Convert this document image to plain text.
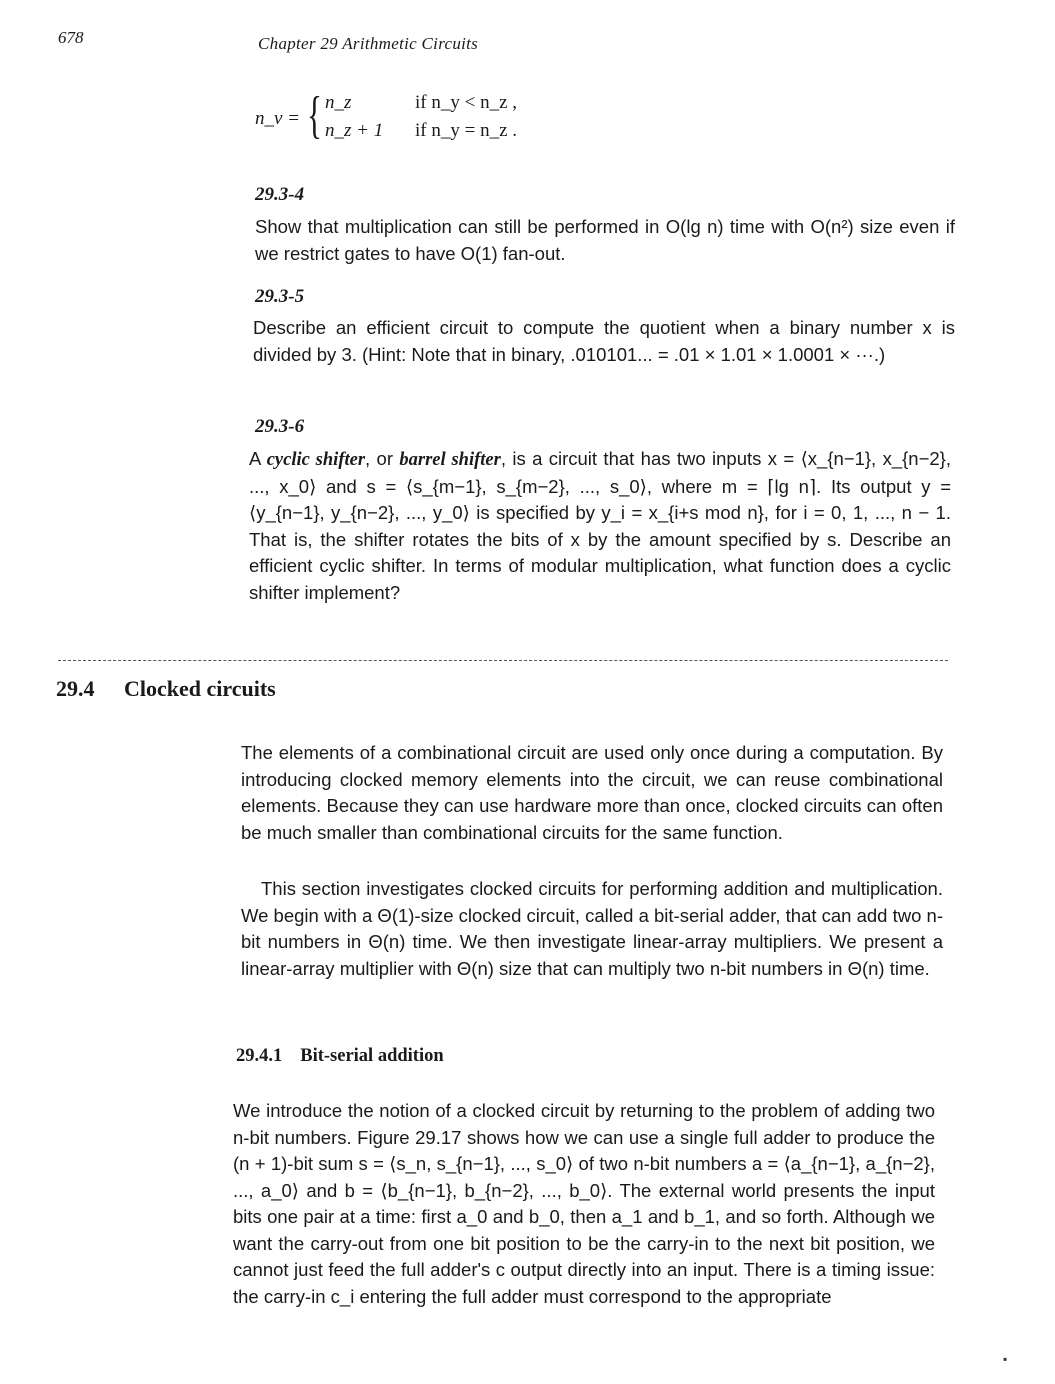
678	Chapter 29 Arithmetic Circuits
n_v = { n_z	if n_y < n_z ,
n_z + 1 if n_y = n_z .
29.3-4
Show that multiplication can still be performed in O(lg n) time with O(n²) size even if we restrict gates to have O(1) fan-out.
29.3-5
Describe an efficient circuit to compute the quotient when a binary number x is divided by 3. (Hint: Note that in binary, .010101... = .01 × 1.01 × 1.0001 × ···.)
29.3-6
A cyclic shifter, or barrel shifter, is a circuit that has two inputs x = ⟨x_{n−1}, x_{n−2}, ..., x_0⟩ and s = ⟨s_{m−1}, s_{m−2}, ..., s_0⟩, where m = ⌈lg n⌉. Its output y = ⟨y_{n−1}, y_{n−2}, ..., y_0⟩ is specified by y_i = x_{i+s mod n}, for i = 0, 1, ..., n − 1. That is, the shifter rotates the bits of x by the amount specified by s. Describe an efficient cyclic shifter. In terms of modular multiplication, what function does a cyclic shifter implement?
29.4 Clocked circuits
The elements of a combinational circuit are used only once during a computation. By introducing clocked memory elements into the circuit, we can reuse combinational elements. Because they can use hardware more than once, clocked circuits can often be much smaller than combinational circuits for the same function.
This section investigates clocked circuits for performing addition and multiplication. We begin with a Θ(1)-size clocked circuit, called a bit-serial adder, that can add two n-bit numbers in Θ(n) time. We then investigate linear-array multipliers. We present a linear-array multiplier with Θ(n) size that can multiply two n-bit numbers in Θ(n) time.
29.4.1 Bit-serial addition
We introduce the notion of a clocked circuit by returning to the problem of adding two n-bit numbers. Figure 29.17 shows how we can use a single full adder to produce the (n + 1)-bit sum s = ⟨s_n, s_{n−1}, ..., s_0⟩ of two n-bit numbers a = ⟨a_{n−1}, a_{n−2}, ..., a_0⟩ and b = ⟨b_{n−1}, b_{n−2}, ..., b_0⟩. The external world presents the input bits one pair at a time: first a_0 and b_0, then a_1 and b_1, and so forth. Although we want the carry-out from one bit position to be the carry-in to the next bit position, we cannot just feed the full adder's c output directly into an input. There is a timing issue: the carry-in c_i entering the full adder must correspond to the appropriate
▪
